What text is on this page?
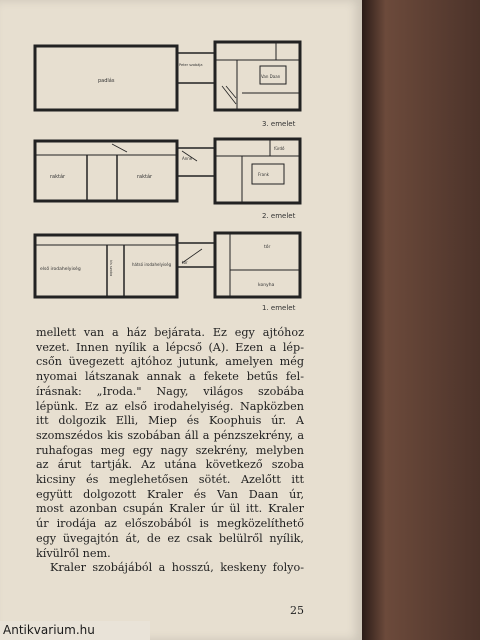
3. emelet
2. emelet
1. emelet
padlás
Peter szobája
Van Daan
raktár	raktár
Anne
fürdő
Frank
első irodahelyiség	kis szoba	hátsó irodahelyiség	tőr
konyha
tőr
mellett van a ház bejárata. Ez egy ajtóhoz
vezet. Innen nyílik a lépcső (A). Ezen a lép-
csőn üvegezett ajtóhoz jutunk, amelyen még
nyomai látszanak annak a fekete betűs fel-
írásnak: „Iroda." Nagy, világos szobába
lépünk. Ez az első irodahelyiség. Napközben
itt dolgozik Elli, Miep és Koophuis úr. A
szomszédos kis szobában áll a pénzszekrény, a
ruhafogas meg egy nagy szekrény, melyben
az árut tartják. Az utána következő szoba
kicsiny és meglehetősen sötét. Azelőtt itt
együtt dolgozott Kraler és Van Daan úr,
most azonban csupán Kraler úr ül itt. Kraler
úr irodája az előszobából is megközelíthető
egy üvegajtón át, de ez csak belülről nyílik,
kívülről nem.
Kraler szobájából a hosszú, keskeny folyo-
25
Antikvarium.hu
